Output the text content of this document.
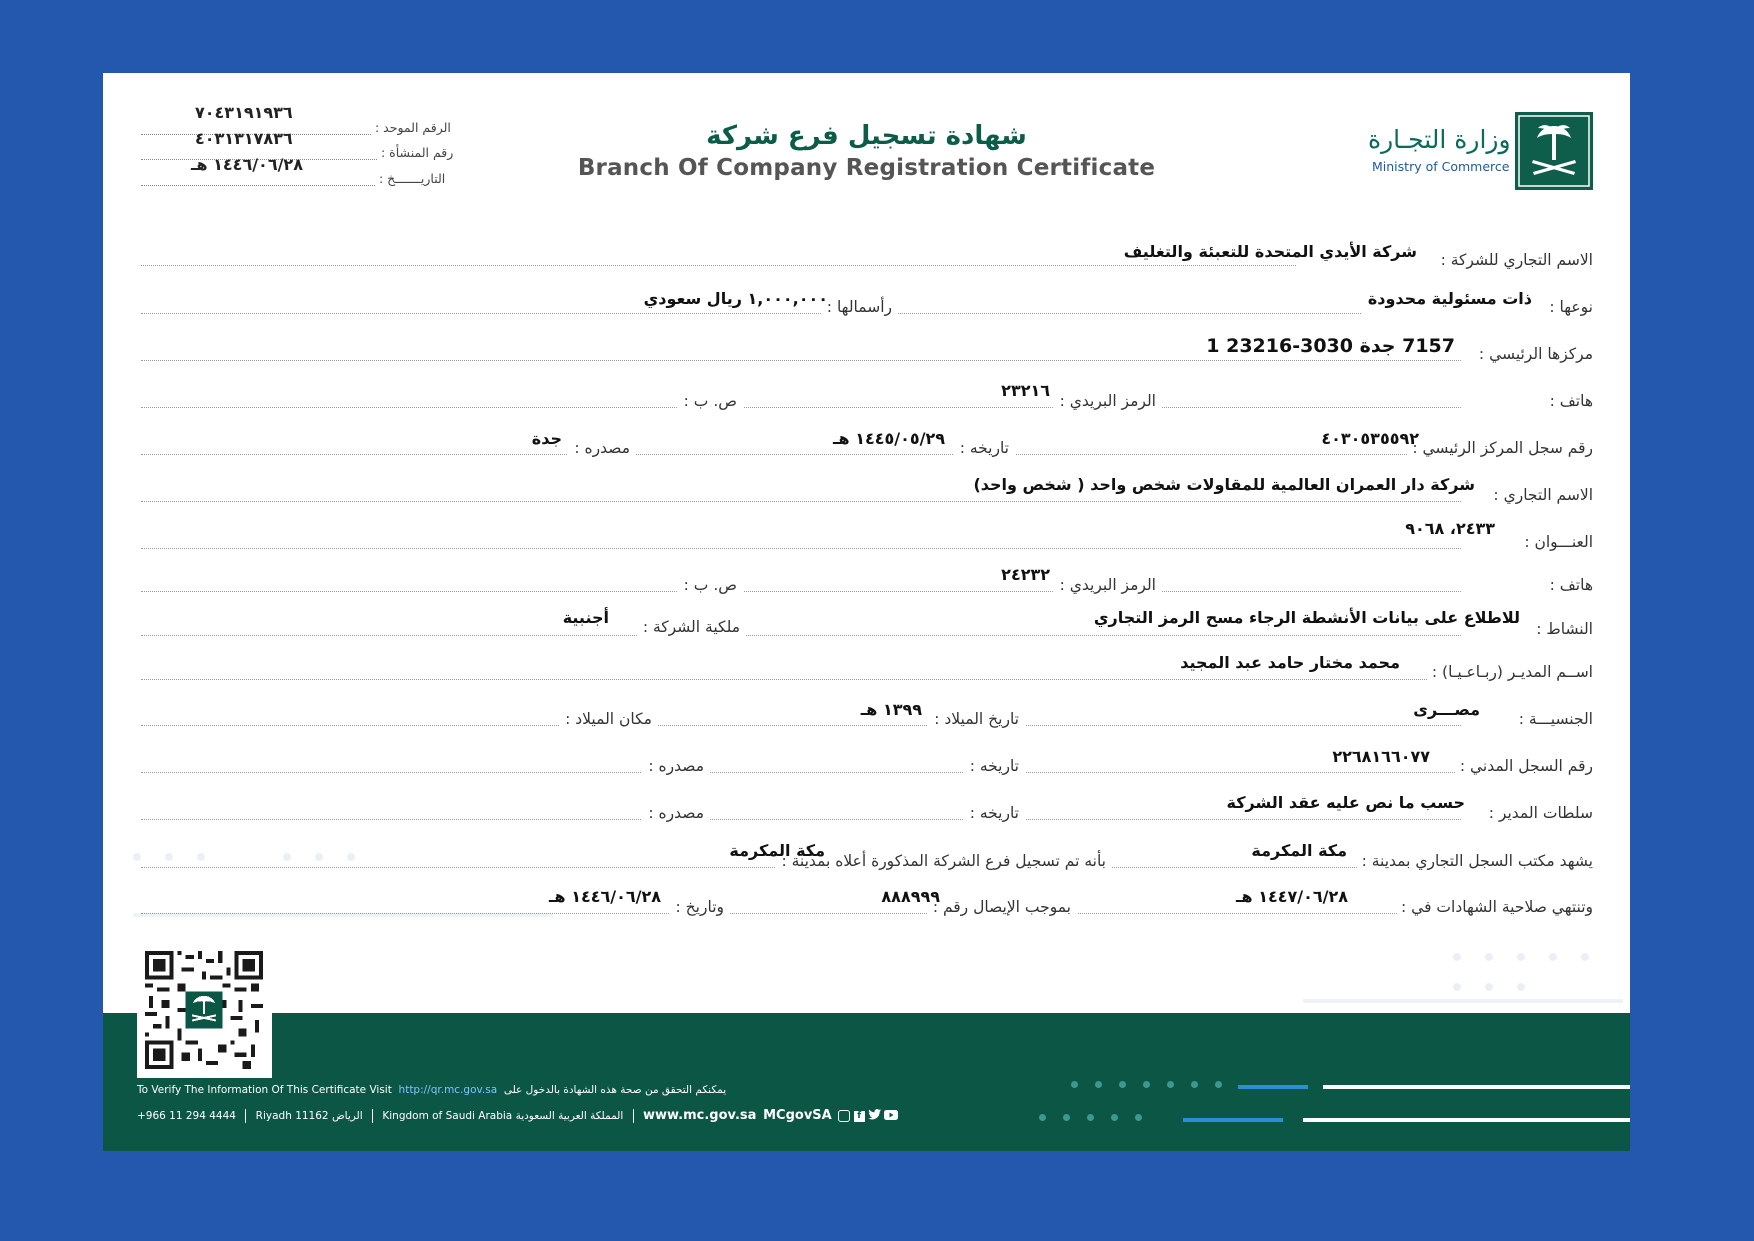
وزارة التجـارة
Ministry of Commerce
شهادة تسجيل فرع شركة
Branch Of Company Registration Certificate
٧٠٤٣١٩١٩٣٦
الرقم الموحد :
٤٠٣١٣١٧٨٣٦
رقم المنشأة :
١٤٤٦/٠٦/٢٨ هـ
التاريـــــــخ :
الاسم التجاري للشركة :
شركة الأيدي المتحدة للتعبئة والتغليف
نوعها :
ذات مسئولية محدودة
رأسمالها :
١,٠٠٠,٠٠٠ ريال سعودي
مركزها الرئيسي :
7157 جدة 3030-23216 1
هاتف :
الرمز البريدي :
٢٣٢١٦
ص. ب :
رقم سجل المركز الرئيسي :
٤٠٣٠٥٣٥٥٩٢
تاريخه :
١٤٤٥/٠٥/٢٩ هـ
مصدره :
جدة
الاسم التجاري :
شركة دار العمران العالمية للمقاولات شخص واحد ( شخص واحد)
العنـــوان :
٢٤٣٣، ٩٠٦٨
هاتف :
الرمز البريدي :
٢٤٢٣٢
ص. ب :
النشاط :
للاطلاع على بيانات الأنشطة الرجاء مسح الرمز التجاري
ملكية الشركة :
أجنبية
اســم المديـر (ربـاعـيـا) :
محمد مختار حامد عبد المجيد
الجنسيـــة :
مصـــرى
تاريخ الميلاد :
١٣٩٩ هـ
مكان الميلاد :
رقم السجل المدني :
٢٢٦٨١٦٦٠٧٧
تاريخه :
مصدره :
سلطات المدير :
حسب ما نص عليه عقد الشركة
تاريخه :
مصدره :
يشهد مكتب السجل التجاري بمدينة :
مكة المكرمة
بأنه تم تسجيل فرع الشركة المذكورة أعلاه بمدينة :
مكة المكرمة
وتنتهي صلاحية الشهادات في :
١٤٤٧/٠٦/٢٨ هـ
بموجب الإيصال رقم :
٨٨٨٩٩٩
وتاريخ :
١٤٤٦/٠٦/٢٨ هـ
To Verify The Information Of This Certificate Visit http://qr.mc.gov.sa يمكنكم التحقق من صحة هذه الشهادة بالدخول على
+966 11 294 4444 Riyadh 11162 الرياض Kingdom of Saudi Arabia المملكة العربية السعودية www.mc.gov.sa MCgovSA	f
